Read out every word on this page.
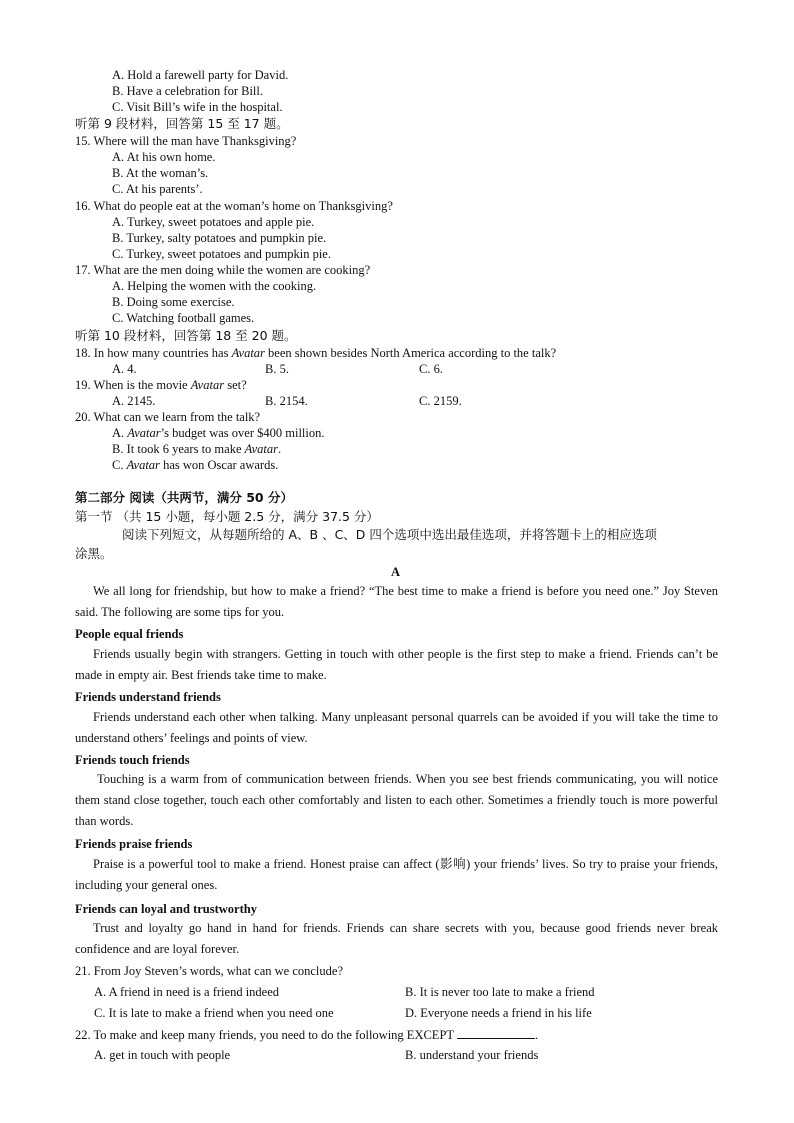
A. Hold a farewell party for David.
B. Have a celebration for Bill.
C. Visit Bill’s wife in the hospital.
听第 9 段材料，回答第 15 至 17 题。
15. Where will the man have Thanksgiving?
A. At his own home.
B. At the woman’s.
C. At his parents’.
16. What do people eat at the woman’s home on Thanksgiving?
A. Turkey, sweet potatoes and apple pie.
B. Turkey, salty potatoes and pumpkin pie.
C. Turkey, sweet potatoes and pumpkin pie.
17. What are the men doing while the women are cooking?
A. Helping the women with the cooking.
B. Doing some exercise.
C. Watching football games.
听第 10 段材料，回答第 18 至 20 题。
18. In how many countries has Avatar been shown besides North America according to the talk?
A. 4.	B. 5.	C. 6.
19. When is the movie Avatar set?
A. 2145.	B. 2154.	C. 2159.
20. What can we learn from the talk?
A. Avatar’s budget was over $400 million.
B. It took 6 years to make Avatar.
C. Avatar has won Oscar awards.
第二部分 阅读（共两节，满分 50 分）
第一节 （共 15 小题，每小题 2.5 分，满分 37.5 分）
阅读下列短文，从每题所给的 A、B 、C、D 四个选项中选出最佳选项，并将答题卡上的相应选项
涂黑。
A
We all long for friendship, but how to make a friend? “The best time to make a friend is before you need one.” Joy Steven said. The following are some tips for you.
People equal friends
Friends usually begin with strangers. Getting in touch with other people is the first step to make a friend. Friends can’t be made in empty air. Best friends take time to make.
Friends understand friends
Friends understand each other when talking. Many unpleasant personal quarrels can be avoided if you will take the time to understand others’ feelings and points of view.
Friends touch friends
Touching is a warm from of communication between friends. When you see best friends communicating, you will notice them stand close together, touch each other comfortably and listen to each other. Sometimes a friendly touch is more powerful than words.
Friends praise friends
Praise is a powerful tool to make a friend. Honest praise can affect (影响) your friends’ lives. So try to praise your friends, including your general ones.
Friends can loyal and trustworthy
Trust and loyalty go hand in hand for friends. Friends can share secrets with you, because good friends never break confidence and are loyal forever.
21. From Joy Steven’s words, what can we conclude?
A. A friend in need is a friend indeed	B. It is never too late to make a friend
C. It is late to make a friend when you need one	D. Everyone needs a friend in his life
22. To make and keep many friends, you need to do the following EXCEPT	.
A. get in touch with people	B. understand your friends
